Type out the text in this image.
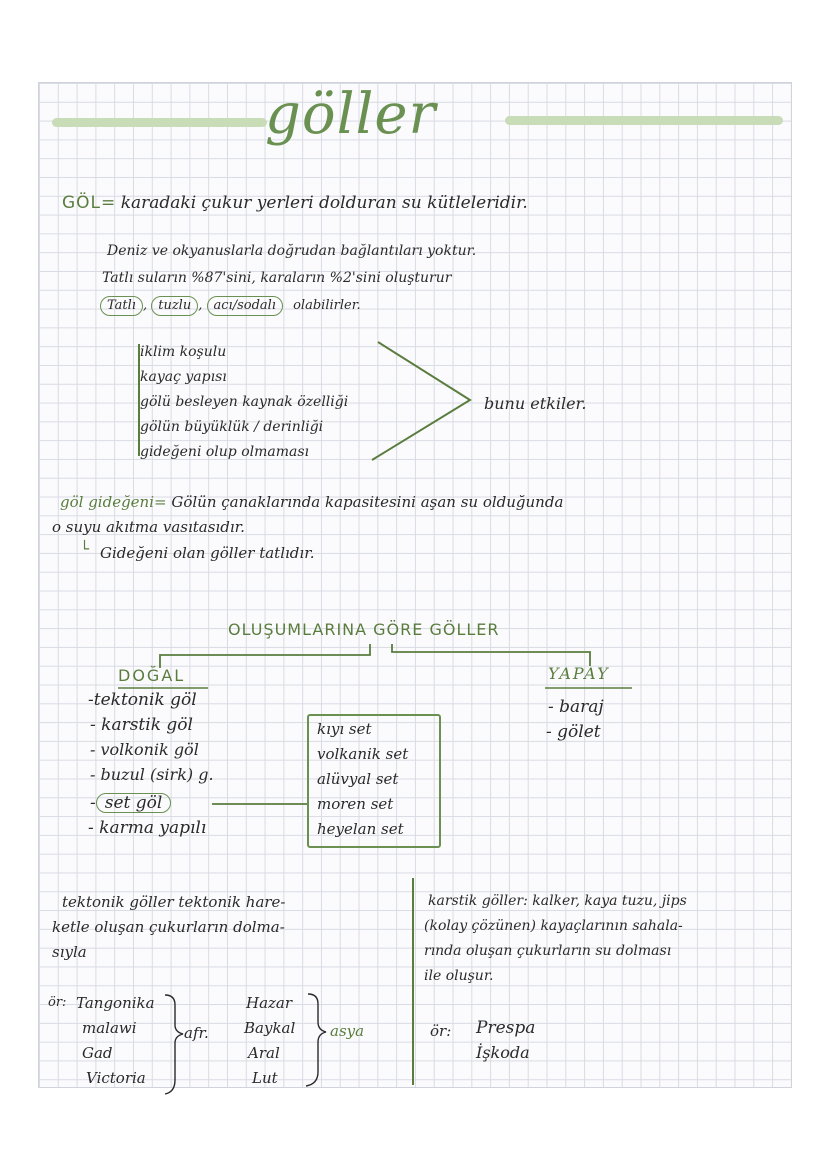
göller
GÖL= karadaki çukur yerleri dolduran su kütleleridir.
Deniz ve okyanuslarla doğrudan bağlantıları yoktur.
Tatlı suların %87'sini, karaların %2'sini oluşturur
Tatlı , tuzlu , acı/sodalı olabilirler.
iklim koşulu
kayaç yapısı
gölü besleyen kaynak özelliği
gölün büyüklük / derinliği
gideğeni olup olmaması
bunu etkiler.
göl gideğeni= Gölün çanaklarında kapasitesini aşan su olduğunda
o suyu akıtma vasıtasıdır.
└ Gideğeni olan göller tatlıdır.
OLUŞUMLARINA GÖRE GÖLLER
DOĞAL	YAPAY
-tektonik göl
- karstik göl
- volkonik göl
- buzul (sirk) g.
- set göl
- karma yapılı
- baraj
- gölet
kıyı set
volkanik set
alüvyal set
moren set
heyelan set
tektonik göller tektonik hare-
ketle oluşan çukurların dolma-
sıyla
ör: Tangonika
malawi
Gad
Victoria
afr.
Hazar
Baykal
Aral
Lut
asya
karstik göller: kalker, kaya tuzu, jips
(kolay çözünen) kayaçlarının sahala-
rında oluşan çukurların su dolması
ile oluşur.
ör: Prespa
İşkoda
